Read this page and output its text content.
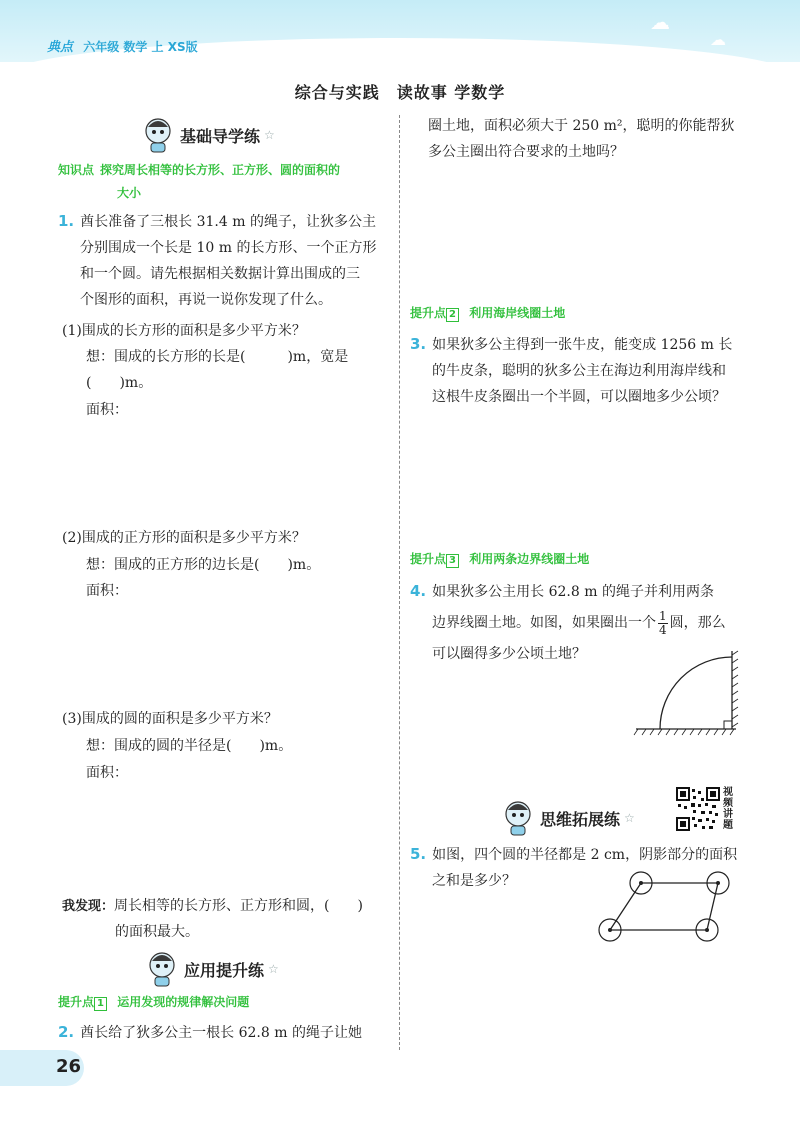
典点 六年级 数学 上 XS版
☁
☁
综合与实践　读故事 学数学
基础导学练 ☆
知识点 探究周长相等的长方形、正方形、圆的面积的
大小
1. 酋长准备了三根长 31.4 m 的绳子，让狄多公主
分别围成一个长是 10 m 的长方形、一个正方形
和一个圆。请先根据相关数据计算出围成的三
个图形的面积，再说一说你发现了什么。
(1)围成的长方形的面积是多少平方米？
想：围成的长方形的长是(　　　)m，宽是
(　　)m。
面积：
(2)围成的正方形的面积是多少平方米？
想：围成的正方形的边长是(　　)m。
面积：
(3)围成的圆的面积是多少平方米？
想：围成的圆的半径是(　　)m。
面积：
我发现：周长相等的长方形、正方形和圆，(　　)
的面积最大。
应用提升练 ☆
提升点 1 运用发现的规律解决问题
2. 酋长给了狄多公主一根长 62.8 m 的绳子让她
圈土地，面积必须大于 250 m²，聪明的你能帮狄
多公主圈出符合要求的土地吗？
提升点 2 利用海岸线圈土地
3. 如果狄多公主得到一张牛皮，能变成 1256 m 长
的牛皮条，聪明的狄多公主在海边利用海岸线和
这根牛皮条圈出一个半圆，可以圈地多少公顷？
提升点 3 利用两条边界线圈土地
4. 如果狄多公主用长 62.8 m 的绳子并利用两条
边界线圈土地。如图，如果圈出一个 $\frac{1}{4}$ 圆，那么
可以圈得多少公顷土地？
思维拓展练 ☆
视频讲题
5. 如图，四个圆的半径都是 2 cm，阴影部分的面积
之和是多少？
26
